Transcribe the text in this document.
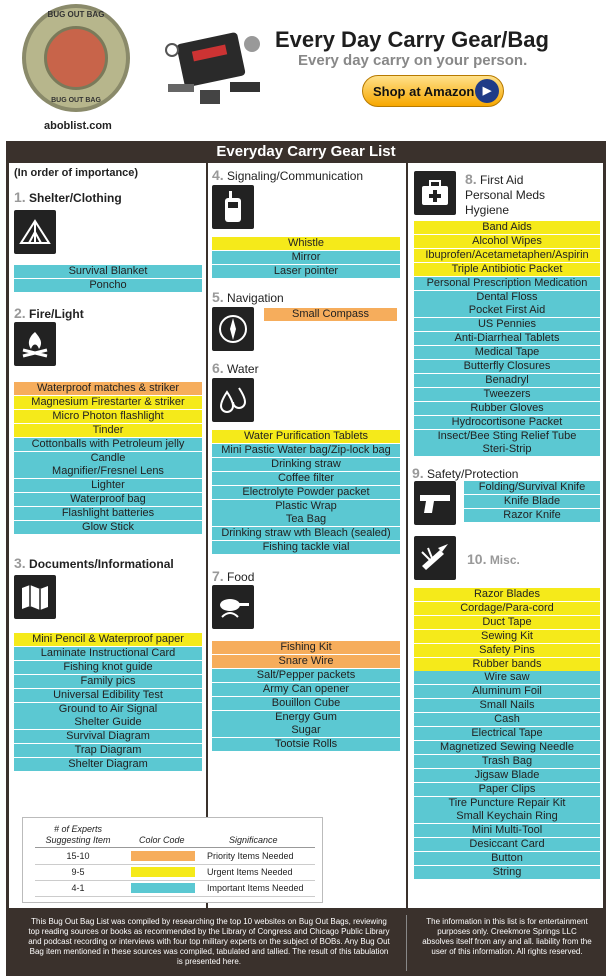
BUG OUT BAG
BUG OUT BAG
aboblist.com
Every Day Carry Gear/Bag
Every day carry on your person.
Shop at Amazon ▶
Everyday Carry Gear List
(In order of importance)
1. Shelter/Clothing
Survival Blanket
Poncho
2. Fire/Light
Waterproof matches & striker
Magnesium Firestarter & striker
Micro Photon flashlight
Tinder
Cottonballs with Petroleum jelly
Candle
Magnifier/Fresnel Lens
Lighter
Waterproof bag
Flashlight batteries
Glow Stick
3. Documents/Informational
Mini Pencil & Waterproof paper
Laminate Instructional Card
Fishing knot guide
Family pics
Universal Edibility Test
Ground to Air Signal
Shelter Guide
Survival Diagram
Trap Diagram
Shelter Diagram
4. Signaling/Communication
Whistle
Mirror
Laser pointer
5. Navigation
Small Compass
6. Water
Water Purification Tablets
Mini Pastic Water bag/Zip-lock bag
Drinking straw
Coffee filter
Electrolyte Powder packet
Plastic Wrap
Tea Bag
Drinking straw wth Bleach (sealed)
Fishing tackle vial
7. Food
Fishing Kit
Snare Wire
Salt/Pepper packets
Army Can opener
Bouillon Cube
Energy Gum
Sugar
Tootsie Rolls
8. First Aid
Personal Meds
Hygiene
Band Aids
Alcohol Wipes
Ibuprofen/Acetametaphen/Aspirin
Triple Antibiotic Packet
Personal Prescription Medication
Dental Floss
Pocket First Aid
US Pennies
Anti-Diarrheal Tablets
Medical Tape
Butterfly Closures
Benadryl
Tweezers
Rubber Gloves
Hydrocortisone Packet
Insect/Bee Sting Relief Tube
Steri-Strip
9. Safety/Protection
Folding/Survival Knife
Knife Blade
Razor Knife
10. Misc.
Razor Blades
Cordage/Para-cord
Duct Tape
Sewing Kit
Safety Pins
Rubber bands
Wire saw
Aluminum Foil
Small Nails
Cash
Electrical Tape
Magnetized Sewing Needle
Trash Bag
Jigsaw Blade
Paper Clips
Tire Puncture Repair Kit
Small Keychain Ring
Mini Multi-Tool
Desiccant Card
Button
String
# of Experts
Suggesting Item	Color Code	Significance
15-10	Priority Items Needed
9-5	Urgent Items Needed
4-1	Important Items Needed
This Bug Out Bag List was compiled by researching the top 10 websites on Bug Out Bags, reviewing top reading sources or books as recommended by the Library of Congress and Chicago Public Library and podcast recording or interviews with four top military experts on the subject of BOBs. Any Bug Out Bag item mentioned in these sources was compiled, tabulated and tallied. The result of this tabulation is presented here.
The information in this list is for entertainment purposes only. Creekmore Springs LLC absolves itself from any and all. liability from the user of this information. All rights reserved.
